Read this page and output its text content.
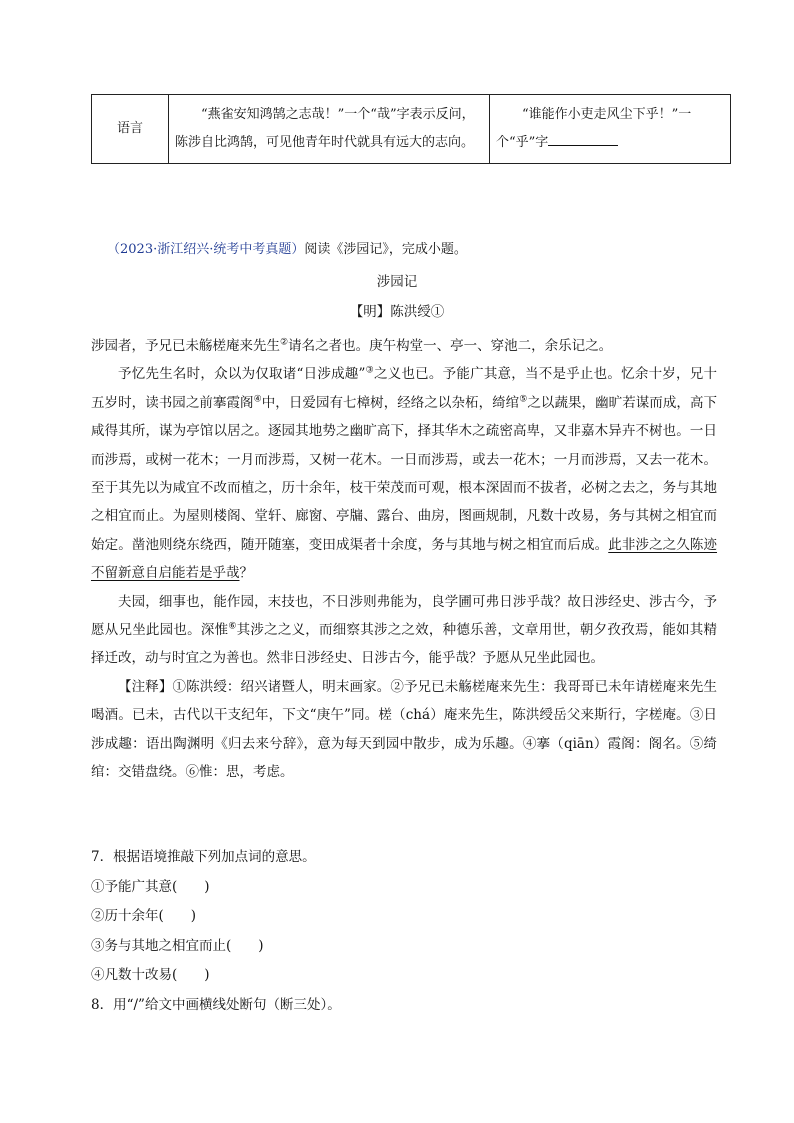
语言	“燕雀安知鸿鹄之志哉！”一个“哉”字表示反问，陈涉自比鸿鹄，可见他青年时代就具有远大的志向。	“谁能作小吏走风尘下乎！”一个“乎”字
（2023·浙江绍兴·统考中考真题）阅读《涉园记》，完成小题。
涉园记
【明】陈洪绶①

涉园者，予兄已未觞槎庵来先生②请名之者也。庚午构堂一、亭一、穿池二，余乐记之。

予忆先生名时，众以为仅取诸“日涉成趣”③之义也已。予能广其意，当不是乎止也。忆余十岁，兄十五岁时，读书园之前搴霞阁④中，日爱园有七樟树，经络之以杂柘，绮绾⑤之以蔬果，幽旷若谋而成，高下咸得其所，谋为亭馆以居之。逐园其地势之幽旷高下，择其华木之疏密高卑，又非嘉木异卉不树也。一日而涉焉，或树一花木；一月而涉焉，又树一花木。一日而涉焉，或去一花木；一月而涉焉，又去一花木。至于其先以为咸宜不改而植之，历十余年，枝干荣茂而可观，根本深固而不拔者，必树之去之，务与其地之相宜而止。为屋则楼阁、堂轩、廊窗、亭牖、露台、曲房，图画规制，凡数十改易，务与其树之相宜而始定。凿池则绕东绕西，随开随塞，变田成渠者十余度，务与其地与树之相宜而后成。此非涉之之久陈迹不留新意自启能若是乎哉？

夫园，细事也，能作园，末技也，不日涉则弗能为，良学圃可弗日涉乎哉？故日涉经史、涉古今，予愿从兄坐此园也。深惟⑥其涉之之义，而细察其涉之之效，种德乐善，文章用世，朝夕孜孜焉，能如其精择迁改，动与时宜之为善也。然非日涉经史、日涉古今，能乎哉？予愿从兄坐此园也。

【注释】①陈洪绶：绍兴诸暨人，明末画家。②予兄已未觞槎庵来先生：我哥哥已未年请槎庵来先生喝酒。已未，古代以干支纪年，下文“庚午”同。槎（chá）庵来先生，陈洪绶岳父来斯行，字槎庵。③日涉成趣：语出陶渊明《归去来兮辞》，意为每天到园中散步，成为乐趣。④搴（qiān）霞阁：阁名。⑤绮绾：交错盘绕。⑥惟：思，考虑。

7．根据语境推敲下列加点词的意思。

①予能广其意(　　)

②历十余年(　　)

③务与其地之相宜而止(　　)

④凡数十改易(　　)

8．用“/”给文中画横线处断句（断三处）。
